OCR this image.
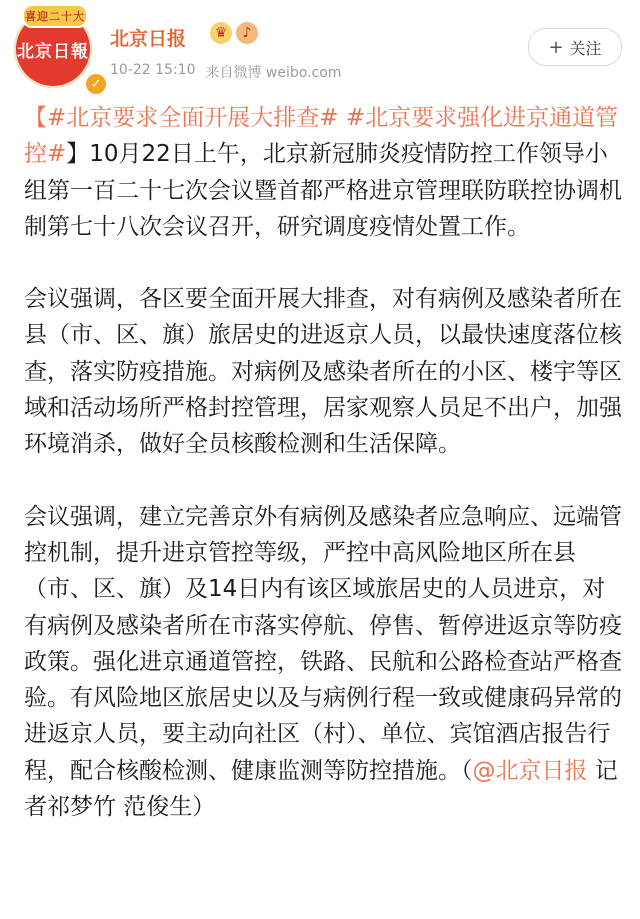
喜迎二十大
北京日報
✓
北京日报	♛	♪
10-22 15:10 来自微博 weibo.com
+ 关注

【#北京要求全面开展大排查# #北京要求强化进京通道管控#】10月22日上午，北京新冠肺炎疫情防控工作领导小组第一百二十七次会议暨首都严格进京管理联防联控协调机制第七十八次会议召开，研究调度疫情处置工作。

会议强调，各区要全面开展大排查，对有病例及感染者所在县（市、区、旗）旅居史的进返京人员，以最快速度落位核查，落实防疫措施。对病例及感染者所在的小区、楼宇等区域和活动场所严格封控管理，居家观察人员足不出户，加强环境消杀，做好全员核酸检测和生活保障。

会议强调，建立完善京外有病例及感染者应急响应、远端管控机制，提升进京管控等级，严控中高风险地区所在县（市、区、旗）及14日内有该区域旅居史的人员进京，对有病例及感染者所在市落实停航、停售、暂停进返京等防疫政策。强化进京通道管控，铁路、民航和公路检查站严格查验。有风险地区旅居史以及与病例行程一致或健康码异常的进返京人员，要主动向社区（村）、单位、宾馆酒店报告行程，配合核酸检测、健康监测等防控措施。（@北京日报 记者祁梦竹 范俊生）
